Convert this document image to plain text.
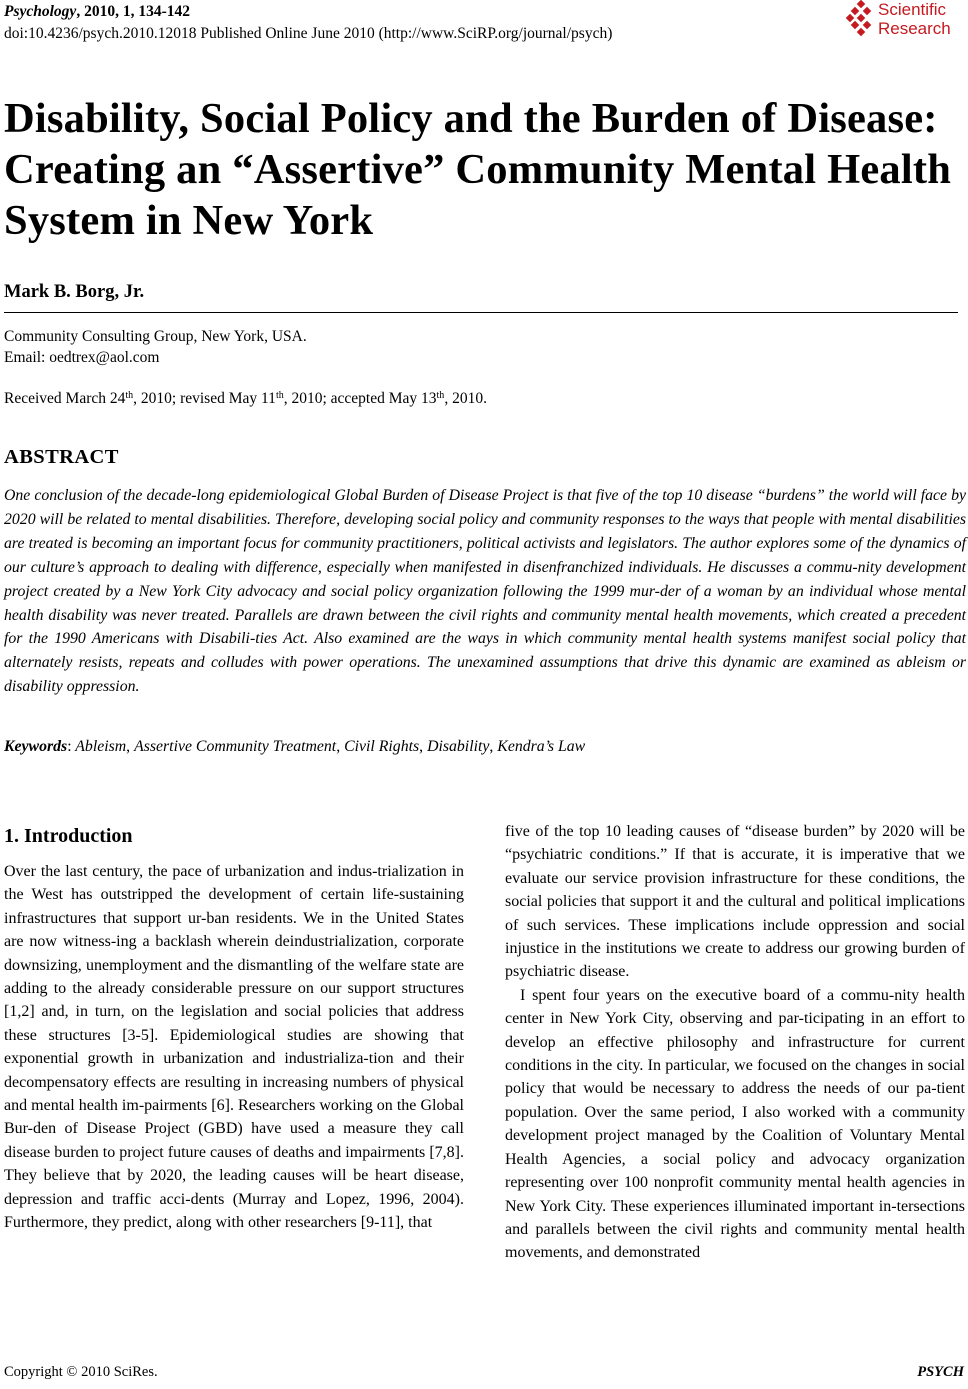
Psychology, 2010, 1, 134-142
doi:10.4236/psych.2010.12018 Published Online June 2010 (http://www.SciRP.org/journal/psych)
Scientific
Research
Disability, Social Policy and the Burden of Disease: Creating an “Assertive” Community Mental Health System in New York
Mark B. Borg, Jr.
Community Consulting Group, New York, USA.
Email: oedtrex@aol.com
Received March 24th, 2010; revised May 11th, 2010; accepted May 13th, 2010.
ABSTRACT
One conclusion of the decade-long epidemiological Global Burden of Disease Project is that five of the top 10 disease “burdens” the world will face by 2020 will be related to mental disabilities. Therefore, developing social policy and community responses to the ways that people with mental disabilities are treated is becoming an important focus for community practitioners, political activists and legislators. The author explores some of the dynamics of our culture’s approach to dealing with difference, especially when manifested in disenfranchized individuals. He discusses a commu-nity development project created by a New York City advocacy and social policy organization following the 1999 mur-der of a woman by an individual whose mental health disability was never treated. Parallels are drawn between the civil rights and community mental health movements, which created a precedent for the 1990 Americans with Disabili-ties Act. Also examined are the ways in which community mental health systems manifest social policy that alternately resists, repeats and colludes with power operations. The unexamined assumptions that drive this dynamic are examined as ableism or disability oppression.
Keywords: Ableism, Assertive Community Treatment, Civil Rights, Disability, Kendra’s Law
1. Introduction

Over the last century, the pace of urbanization and indus-trialization in the West has outstripped the development of certain life-sustaining infrastructures that support ur-ban residents. We in the United States are now witness-ing a backlash wherein deindustrialization, corporate downsizing, unemployment and the dismantling of the welfare state are adding to the already considerable pressure on our support structures [1,2] and, in turn, on the legislation and social policies that address these structures [3-5]. Epidemiological studies are showing that exponential growth in urbanization and industrializa-tion and their decompensatory effects are resulting in increasing numbers of physical and mental health im-pairments [6]. Researchers working on the Global Bur-den of Disease Project (GBD) have used a measure they call disease burden to project future causes of deaths and impairments [7,8]. They believe that by 2020, the leading causes will be heart disease, depression and traffic acci-dents (Murray and Lopez, 1996, 2004). Furthermore, they predict, along with other researchers [9-11], that

five of the top 10 leading causes of “disease burden” by 2020 will be “psychiatric conditions.” If that is accurate, it is imperative that we evaluate our service provision infrastructure for these conditions, the social policies that support it and the cultural and political implications of such services. These implications include oppression and social injustice in the institutions we create to address our growing burden of psychiatric disease.

I spent four years on the executive board of a commu-nity health center in New York City, observing and par-ticipating in an effort to develop an effective philosophy and infrastructure for current conditions in the city. In particular, we focused on the changes in social policy that would be necessary to address the needs of our pa-tient population. Over the same period, I also worked with a community development project managed by the Coalition of Voluntary Mental Health Agencies, a social policy and advocacy organization representing over 100 nonprofit community mental health agencies in New York City. These experiences illuminated important in-tersections and parallels between the civil rights and community mental health movements, and demonstrated

Copyright © 2010 SciRes.	PSYCH
